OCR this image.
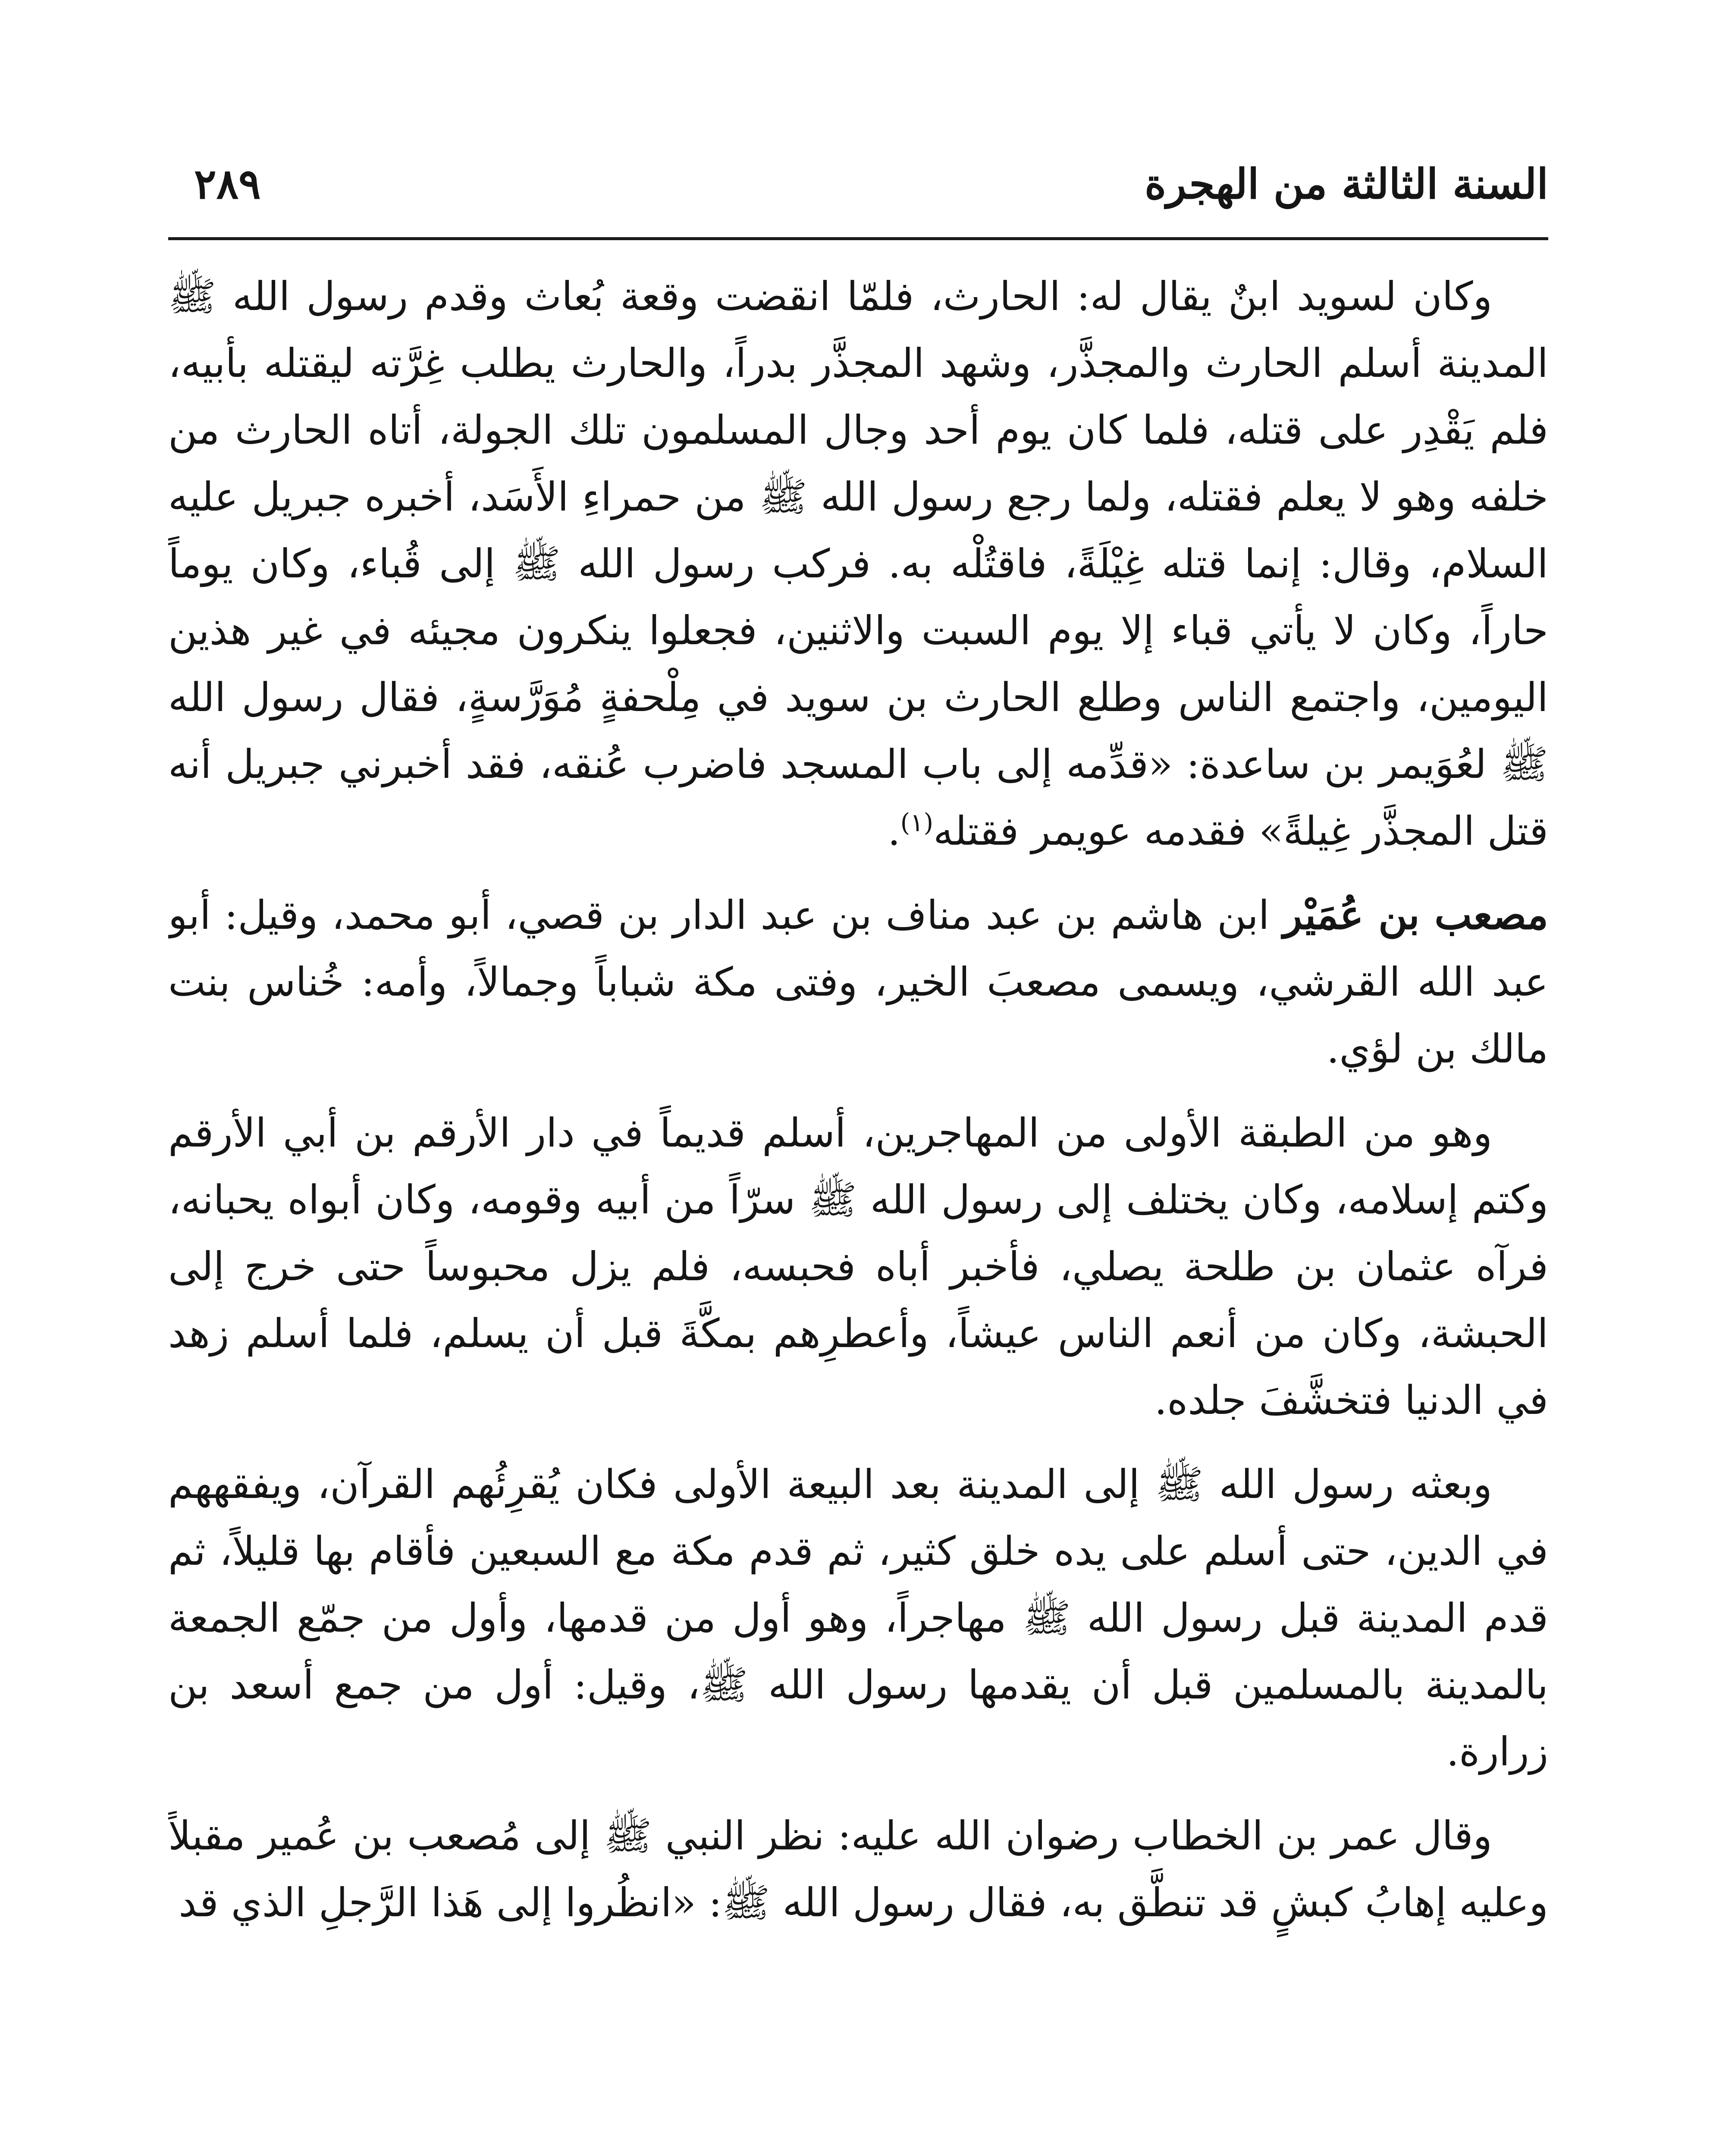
السنة الثالثة من الهجرة
٢٨٩

وكان لسويد ابنٌ يقال له: الحارث، فلمّا انقضت وقعة بُعاث وقدم رسول الله ﷺ المدينة أسلم الحارث والمجذَّر، وشهد المجذَّر بدراً، والحارث يطلب غِرَّته ليقتله بأبيه، فلم يَقْدِر على قتله، فلما كان يوم أحد وجال المسلمون تلك الجولة، أتاه الحارث من خلفه وهو لا يعلم فقتله، ولما رجع رسول الله ﷺ من حمراءِ الأَسَد، أخبره جبريل عليه السلام، وقال: إنما قتله غِيْلَةً، فاقتُلْه به. فركب رسول الله ﷺ إلى قُباء، وكان يوماً حاراً، وكان لا يأتي قباء إلا يوم السبت والاثنين، فجعلوا ينكرون مجيئه في غير هذين اليومين، واجتمع الناس وطلع الحارث بن سويد في مِلْحفةٍ مُوَرَّسةٍ، فقال رسول الله ﷺ لعُوَيمر بن ساعدة: «قدِّمه إلى باب المسجد فاضرب عُنقه، فقد أخبرني جبريل أنه قتل المجذَّر غِيلةً» فقدمه عويمر فقتله$^{(١)}$.

مصعب بن عُمَيْر ابن هاشم بن عبد مناف بن عبد الدار بن قصي، أبو محمد، وقيل: أبو عبد الله القرشي، ويسمى مصعبَ الخير، وفتى مكة شباباً وجمالاً، وأمه: خُناس بنت مالك بن لؤي.

وهو من الطبقة الأولى من المهاجرين، أسلم قديماً في دار الأرقم بن أبي الأرقم وكتم إسلامه، وكان يختلف إلى رسول الله ﷺ سرّاً من أبيه وقومه، وكان أبواه يحبانه، فرآه عثمان بن طلحة يصلي، فأخبر أباه فحبسه، فلم يزل محبوساً حتى خرج إلى الحبشة، وكان من أنعم الناس عيشاً، وأعطرِهم بمكَّةَ قبل أن يسلم، فلما أسلم زهد في الدنيا فتخشَّفَ جلده.

وبعثه رسول الله ﷺ إلى المدينة بعد البيعة الأولى فكان يُقرِئُهم القرآن، ويفقههم في الدين، حتى أسلم على يده خلق كثير، ثم قدم مكة مع السبعين فأقام بها قليلاً، ثم قدم المدينة قبل رسول الله ﷺ مهاجراً، وهو أول من قدمها، وأول من جمّع الجمعة بالمدينة بالمسلمين قبل أن يقدمها رسول الله ﷺ، وقيل: أول من جمع أسعد بن زرارة.

وقال عمر بن الخطاب رضوان الله عليه: نظر النبي ﷺ إلى مُصعب بن عُمير مقبلاً وعليه إهابُ كبشٍ قد تنطَّق به، فقال رسول الله ﷺ: «انظُروا إلى هَذا الرَّجلِ الذي قد
